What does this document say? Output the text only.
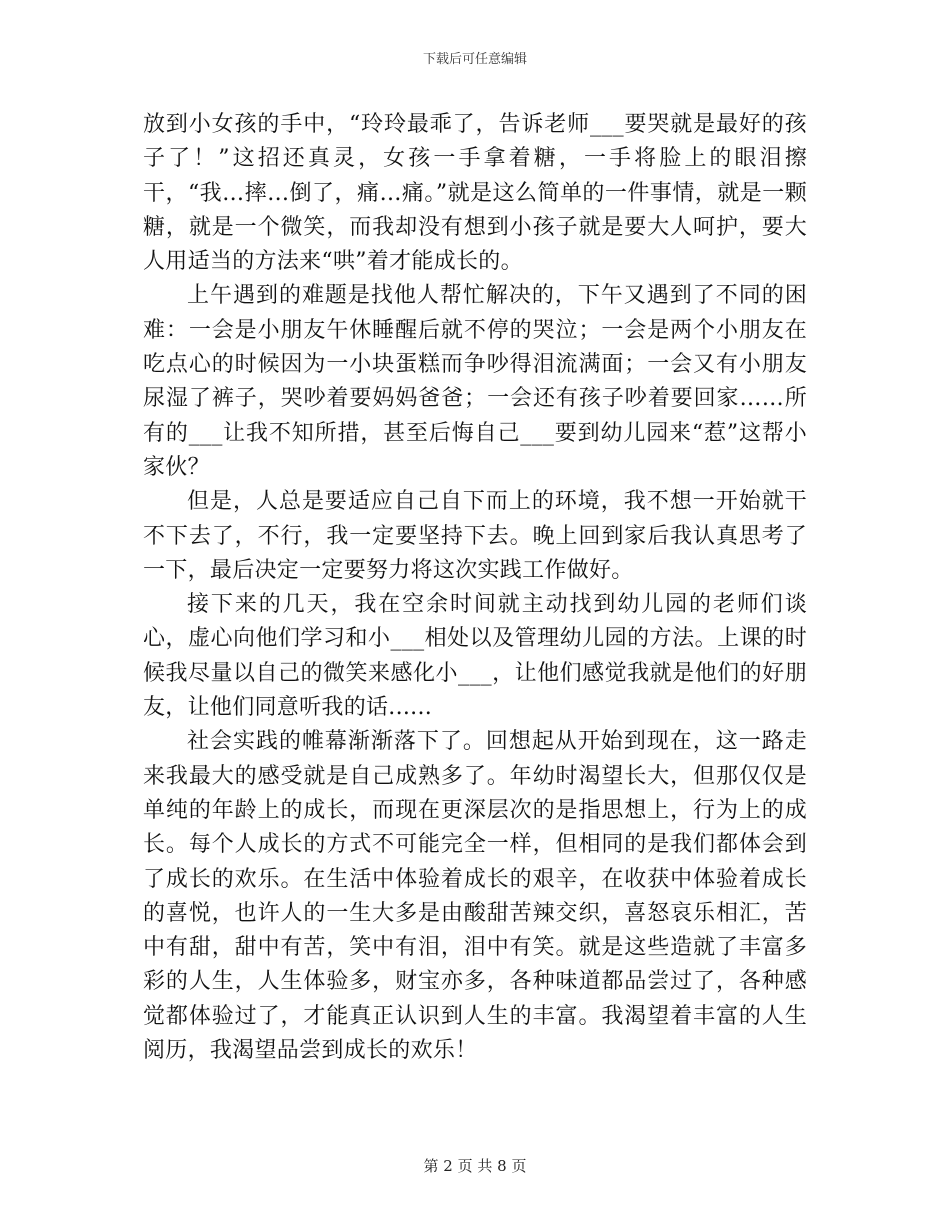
下载后可任意编辑

放到小女孩的手中，“玲玲最乖了，告诉老师___要哭就是最好的孩子了！”这招还真灵，女孩一手拿着糖，一手将脸上的眼泪擦干，“我…摔…倒了，痛…痛。”就是这么简单的一件事情，就是一颗糖，就是一个微笑，而我却没有想到小孩子就是要大人呵护，要大人用适当的方法来“哄”着才能成长的。

上午遇到的难题是找他人帮忙解决的，下午又遇到了不同的困难：一会是小朋友午休睡醒后就不停的哭泣；一会是两个小朋友在吃点心的时候因为一小块蛋糕而争吵得泪流满面；一会又有小朋友尿湿了裤子，哭吵着要妈妈爸爸；一会还有孩子吵着要回家……所有的___让我不知所措，甚至后悔自己___要到幼儿园来“惹”这帮小家伙？

但是，人总是要适应自己自下而上的环境，我不想一开始就干不下去了，不行，我一定要坚持下去。晚上回到家后我认真思考了一下，最后决定一定要努力将这次实践工作做好。

接下来的几天，我在空余时间就主动找到幼儿园的老师们谈心，虚心向他们学习和小___相处以及管理幼儿园的方法。上课的时候我尽量以自己的微笑来感化小___，让他们感觉我就是他们的好朋友，让他们同意听我的话......

社会实践的帷幕渐渐落下了。回想起从开始到现在，这一路走来我最大的感受就是自己成熟多了。年幼时渴望长大，但那仅仅是单纯的年龄上的成长，而现在更深层次的是指思想上，行为上的成长。每个人成长的方式不可能完全一样，但相同的是我们都体会到了成长的欢乐。在生活中体验着成长的艰辛，在收获中体验着成长的喜悦，也许人的一生大多是由酸甜苦辣交织，喜怒哀乐相汇，苦中有甜，甜中有苦，笑中有泪，泪中有笑。就是这些造就了丰富多彩的人生，人生体验多，财宝亦多，各种味道都品尝过了，各种感觉都体验过了，才能真正认识到人生的丰富。我渴望着丰富的人生阅历，我渴望品尝到成长的欢乐！

第 2 页 共 8 页
